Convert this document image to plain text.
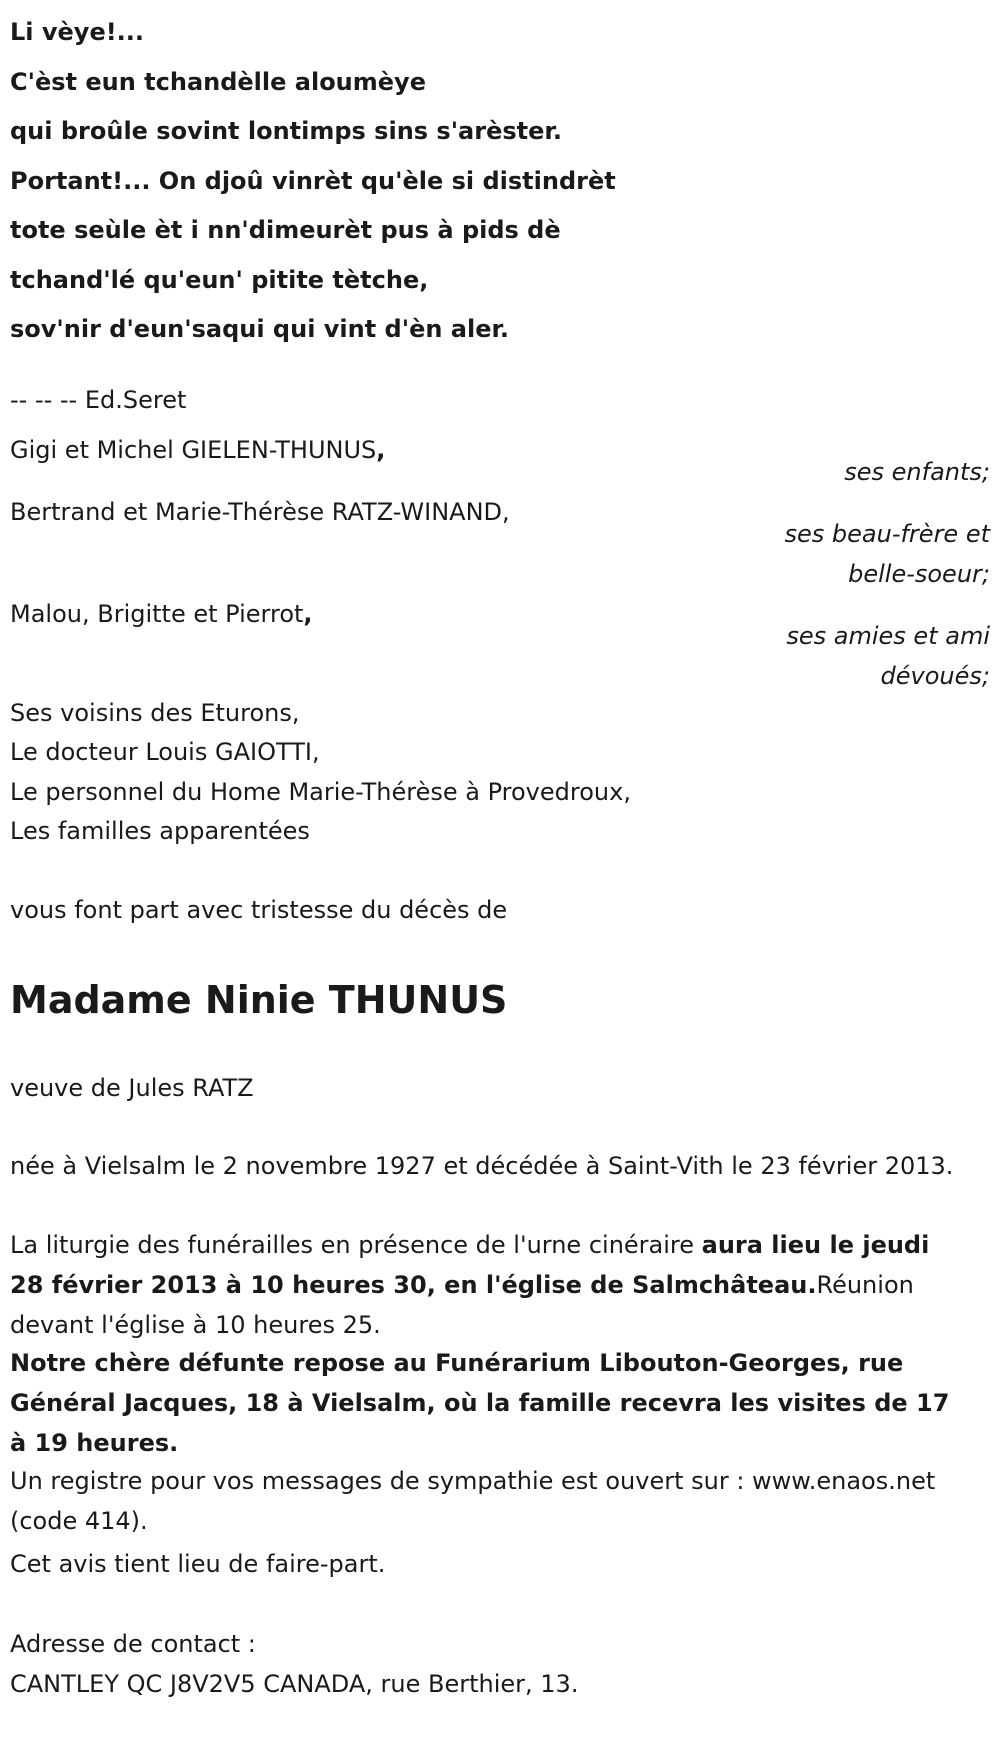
Li vèye!...
C'èst eun tchandèlle aloumèye
qui broûle sovint lontimps sins s'arèster.
Portant!... On djoû vinrèt qu'èle si distindrèt
tote seùle èt i nn'dimeurèt pus à pids dè
tchand'lé qu'eun' pitite tètche,
sov'nir d'eun'saqui qui vint d'èn aler.
-- -- -- Ed.Seret
Gigi et Michel GIELEN-THUNUS,
ses enfants;
Bertrand et Marie-Thérèse RATZ-WINAND,
ses beau-frère et
belle-soeur;
Malou, Brigitte et Pierrot,
ses amies et ami
dévoués;
Ses voisins des Eturons,
Le docteur Louis GAIOTTI,
Le personnel du Home Marie-Thérèse à Provedroux,
Les familles apparentées
vous font part avec tristesse du décès de
Madame Ninie THUNUS
veuve de Jules RATZ
née à Vielsalm le 2 novembre 1927 et décédée à Saint-Vith le 23 février 2013.
La liturgie des funérailles en présence de l'urne cinéraire aura lieu le jeudi 28 février 2013 à 10 heures 30, en l'église de Salmchâteau.Réunion devant l'église à 10 heures 25.
Notre chère défunte repose au Funérarium Libouton-Georges, rue Général Jacques, 18 à Vielsalm, où la famille recevra les visites de 17 à 19 heures.
Un registre pour vos messages de sympathie est ouvert sur : www.enaos.net (code 414).
Cet avis tient lieu de faire-part.
Adresse de contact :
CANTLEY QC J8V2V5 CANADA, rue Berthier, 13.
